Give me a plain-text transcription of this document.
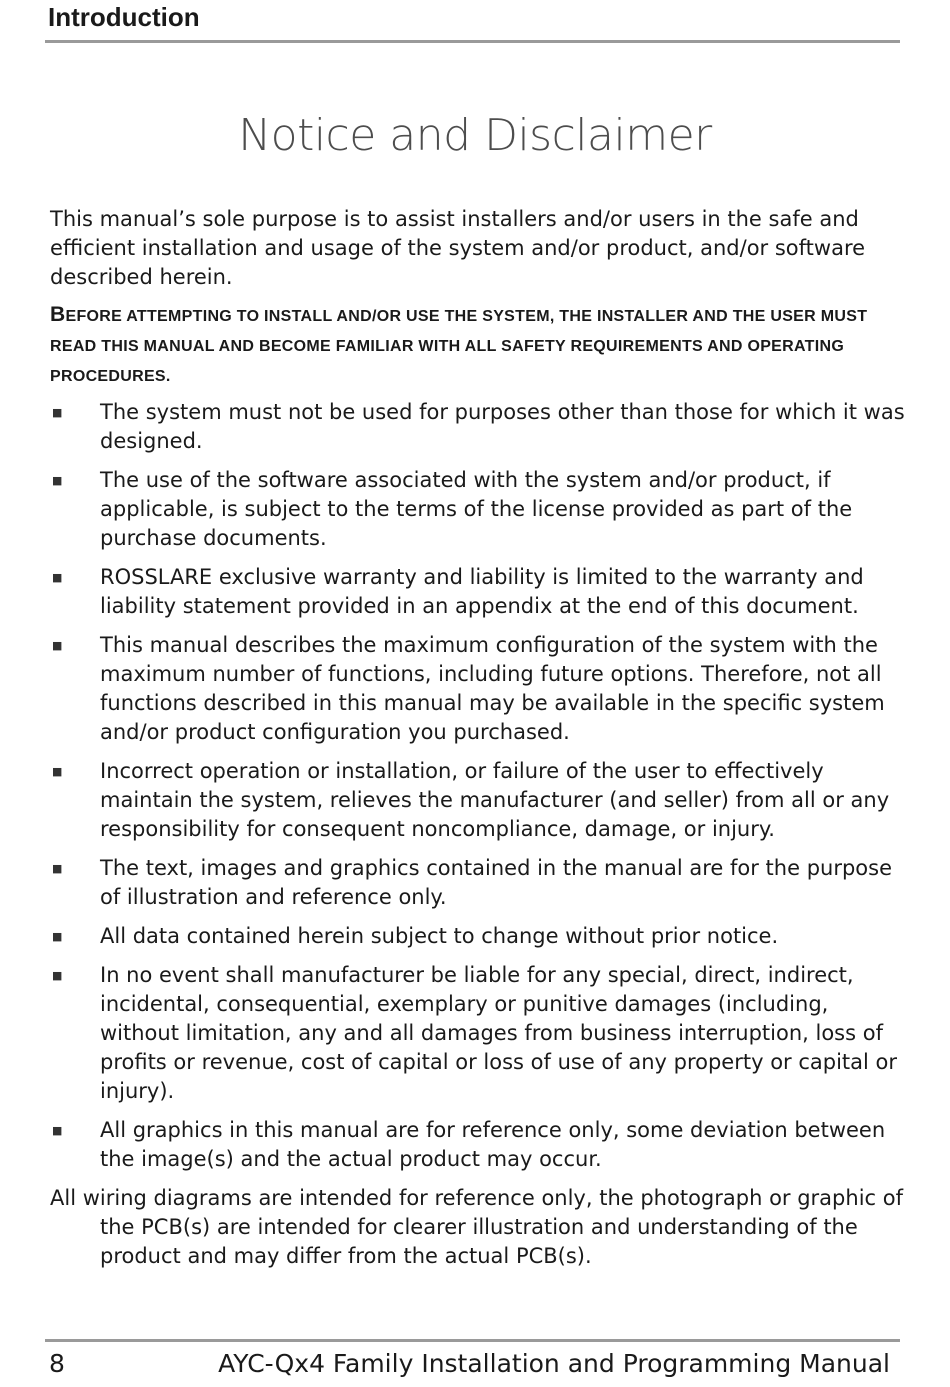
Introduction
Notice and Disclaimer

This manual’s sole purpose is to assist installers and/or users in the safe and efficient installation and usage of the system and/or product, and/or software described herein.

BEFORE ATTEMPTING TO INSTALL AND/OR USE THE SYSTEM, THE INSTALLER AND THE USER MUST READ THIS MANUAL AND BECOME FAMILIAR WITH ALL SAFETY REQUIREMENTS AND OPERATING PROCEDURES.

■ The system must not be used for purposes other than those for which it was designed.
■ The use of the software associated with the system and/or product, if applicable, is subject to the terms of the license provided as part of the purchase documents.
■ ROSSLARE exclusive warranty and liability is limited to the warranty and liability statement provided in an appendix at the end of this document.
■ This manual describes the maximum configuration of the system with the maximum number of functions, including future options. Therefore, not all functions described in this manual may be available in the specific system and/or product configuration you purchased.
■ Incorrect operation or installation, or failure of the user to effectively maintain the system, relieves the manufacturer (and seller) from all or any responsibility for consequent noncompliance, damage, or injury.
■ The text, images and graphics contained in the manual are for the purpose of illustration and reference only.
■ All data contained herein subject to change without prior notice.
■ In no event shall manufacturer be liable for any special, direct, indirect, incidental, consequential, exemplary or punitive damages (including, without limitation, any and all damages from business interruption, loss of profits or revenue, cost of capital or loss of use of any property or capital or injury).
■ All graphics in this manual are for reference only, some deviation between the image(s) and the actual product may occur.

All wiring diagrams are intended for reference only, the photograph or graphic of the PCB(s) are intended for clearer illustration and understanding of the product and may differ from the actual PCB(s).

8	AYC-Qx4 Family Installation and Programming Manual
